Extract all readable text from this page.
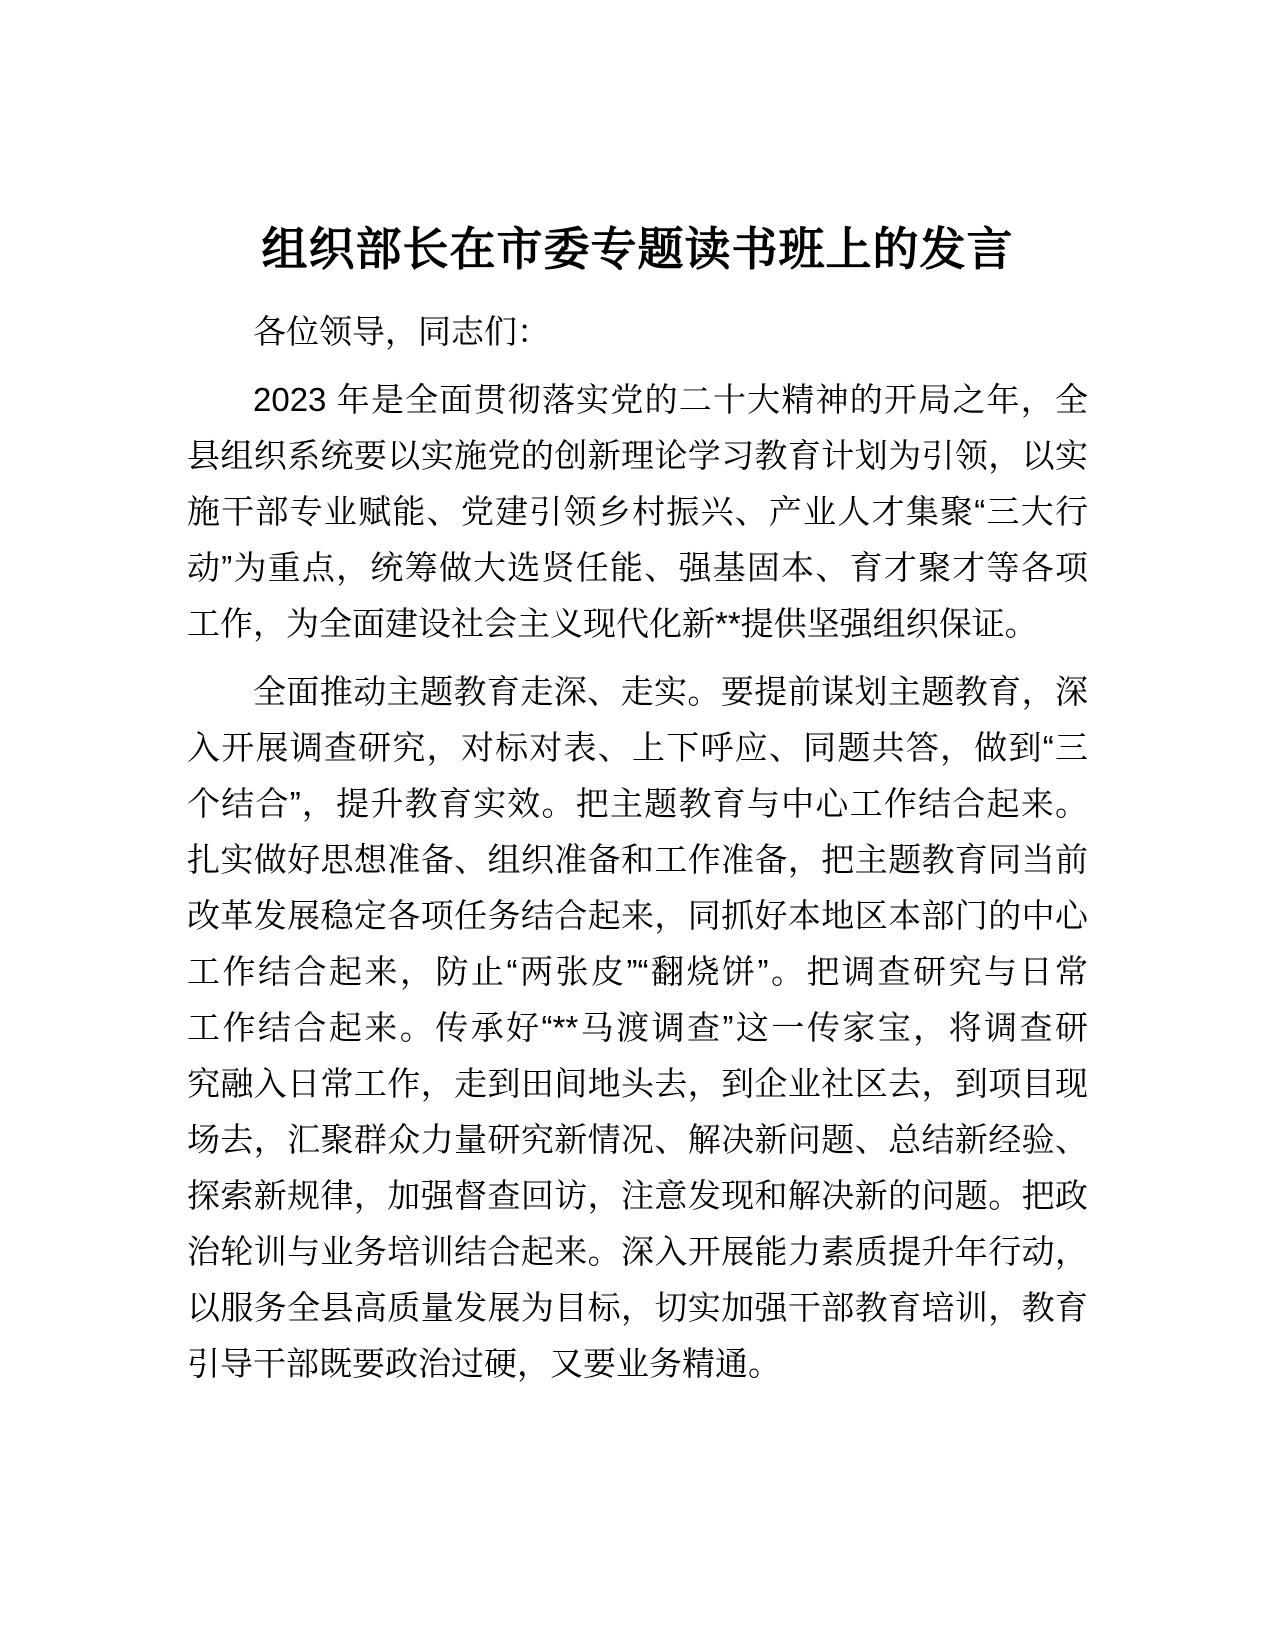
组织部长在市委专题读书班上的发言

各位领导，同志们：

2023 年是全面贯彻落实党的二十大精神的开局之年，全
县组织系统要以实施党的创新理论学习教育计划为引领，以实
施干部专业赋能、党建引领乡村振兴、产业人才集聚“三大行
动”为重点，统筹做大选贤任能、强基固本、育才聚才等各项
工作，为全面建设社会主义现代化新**提供坚强组织保证。
全面推动主题教育走深、走实。要提前谋划主题教育，深
入开展调查研究，对标对表、上下呼应、同题共答，做到“三
个结合”，提升教育实效。把主题教育与中心工作结合起来。
扎实做好思想准备、组织准备和工作准备，把主题教育同当前
改革发展稳定各项任务结合起来，同抓好本地区本部门的中心
工作结合起来，防止“两张皮”“翻烧饼”。把调查研究与日常
工作结合起来。传承好“**马渡调查”这一传家宝，将调查研
究融入日常工作，走到田间地头去，到企业社区去，到项目现
场去，汇聚群众力量研究新情况、解决新问题、总结新经验、
探索新规律，加强督查回访，注意发现和解决新的问题。把政
治轮训与业务培训结合起来。深入开展能力素质提升年行动，
以服务全县高质量发展为目标，切实加强干部教育培训，教育
引导干部既要政治过硬，又要业务精通。
